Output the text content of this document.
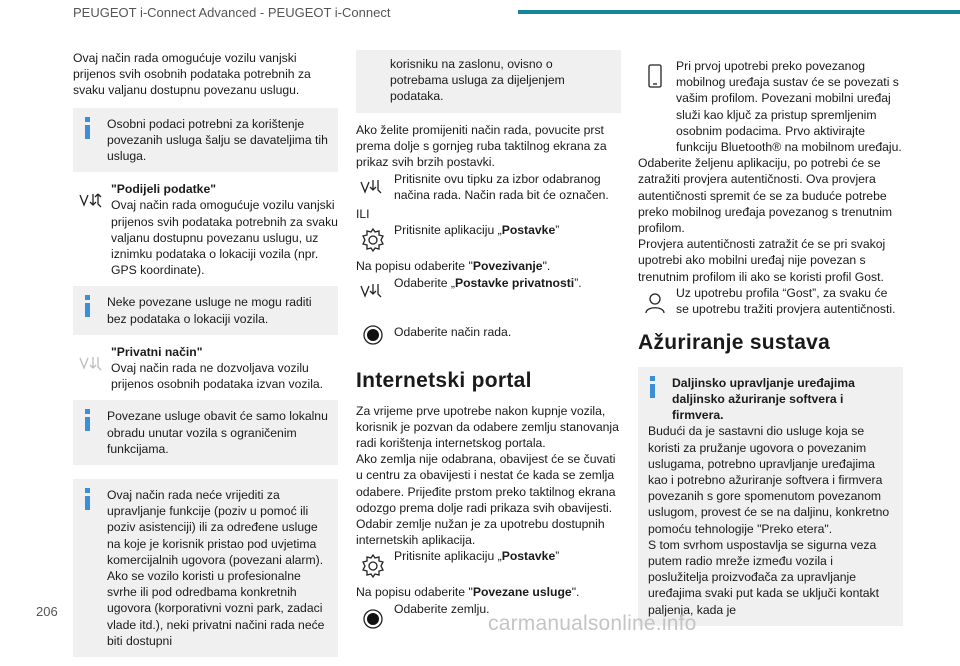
PEUGEOT i-Connect Advanced - PEUGEOT i-Connect

Ovaj način rada omogućuje vozilu vanjski prijenos svih osobnih podataka potrebnih za svaku valjanu dostupnu povezanu uslugu.

Osobni podaci potrebni za korištenje povezanih usluga šalju se davateljima tih usluga.
"Podijeli podatke"
Ovaj način rada omogućuje vozilu vanjski prijenos svih podataka potrebnih za svaku valjanu dostupnu povezanu uslugu, uz iznimku podataka o lokaciji vozila (npr. GPS koordinate).
Neke povezane usluge ne mogu raditi bez podataka o lokaciji vozila.
"Privatni način"
Ovaj način rada ne dozvoljava vozilu prijenos osobnih podataka izvan vozila.
Povezane usluge obavit će samo lokalnu obradu unutar vozila s ograničenim funkcijama.
Ovaj način rada neće vrijediti za upravljanje funkcije (poziv u pomoć ili poziv asistenciji) ili za određene usluge na koje je korisnik pristao pod uvjetima komercijalnih ugovora (povezani alarm). Ako se vozilo koristi u profesionalne svrhe ili pod odredbama konkretnih ugovora (korporativni vozni park, zadaci vlade itd.), neki privatni načini rada neće biti dostupni
korisniku na zaslonu, ovisno o potrebama usluga za dijeljenjem podataka.

Ako želite promijeniti način rada, povucite prst prema dolje s gornjeg ruba taktilnog ekrana za prikaz svih brzih postavki.

Pritisnite ovu tipku za izbor odabranog načina rada. Način rada bit će označen.
ILI
Pritisnite aplikaciju „Postavke”
Na popisu odaberite "Povezivanje".
Odaberite „Postavke privatnosti”.
Odaberite način rada.
Internetski portal

Za vrijeme prve upotrebe nakon kupnje vozila, korisnik je pozvan da odabere zemlju stanovanja radi korištenja internetskog portala.

Ako zemlja nije odabrana, obavijest će se čuvati u centru za obavijesti i nestat će kada se zemlja odabere. Prijeđite prstom preko taktilnog ekrana odozgo prema dolje radi prikaza svih obavijesti. Odabir zemlje nužan je za upotrebu dostupnih internetskih aplikacija.

Pritisnite aplikaciju „Postavke”
Na popisu odaberite "Povezane usluge".
Odaberite zemlju.
Pri prvoj upotrebi preko povezanog mobilnog uređaja sustav će se povezati s vašim profilom. Povezani mobilni uređaj služi kao ključ za pristup spremljenim osobnim podacima. Prvo aktivirajte funkciju Bluetooth® na mobilnom uređaju.
Odaberite željenu aplikaciju, po potrebi će se zatražiti provjera autentičnosti. Ova provjera autentičnosti spremit će se za buduće potrebe preko mobilnog uređaja povezanog s trenutnim profilom.
Provjera autentičnosti zatražit će se pri svakoj upotrebi ako mobilni uređaj nije povezan s trenutnim profilom ili ako se koristi profil Gost.
Uz upotrebu profila “Gost”, za svaku će se upotrebu tražiti provjera autentičnosti.
Ažuriranje sustava
Daljinsko upravljanje uređajima daljinsko ažuriranje softvera i firmvera.
Budući da je sastavni dio usluge koja se koristi za pružanje ugovora o povezanim uslugama, potrebno upravljanje uređajima kao i potrebno ažuriranje softvera i firmvera povezanih s gore spomenutom povezanom uslugom, provest će se na daljinu, konkretno pomoću tehnologije "Preko etera".
S tom svrhom uspostavlja se sigurna veza putem radio mreže između vozila i poslužitelja proizvođača za upravljanje uređajima svaki put kada se uključi kontakt paljenja, kada je
206
carmanualsonline.info
